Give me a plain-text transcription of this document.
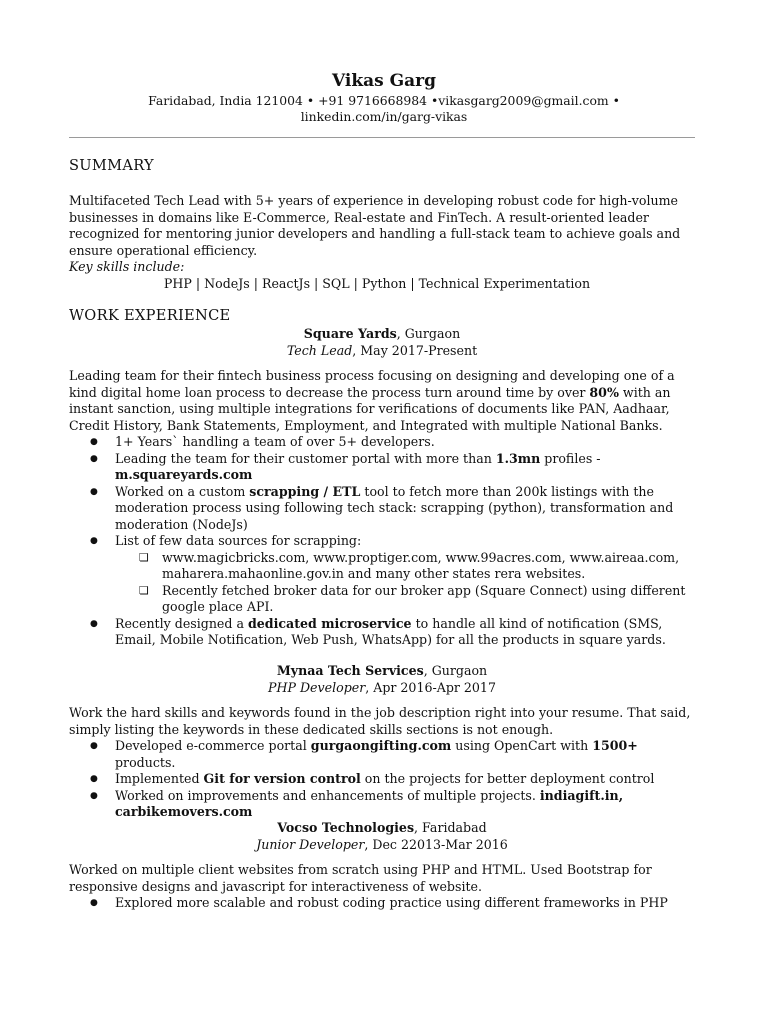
Vikas Garg
Faridabad, India 121004 • +91 9716668984 •vikasgarg2009@gmail.com •
linkedin.com/in/garg-vikas
SUMMARY

Multifaceted Tech Lead with 5+ years of experience in developing robust code for high-volume businesses in domains like E-Commerce, Real-estate and FinTech. A result-oriented leader recognized for mentoring junior developers and handling a full-stack team to achieve goals and ensure operational efficiency.

Key skills include:

PHP | NodeJs | ReactJs | SQL | Python | Technical Experimentation

WORK EXPERIENCE

Square Yards, Gurgaon

Tech Lead, May 2017-Present

Leading team for their fintech business process focusing on designing and developing one of a kind digital home loan process to decrease the process turn around time by over 80% with an instant sanction, using multiple integrations for verifications of documents like PAN, Aadhaar, Credit History, Bank Statements, Employment, and Integrated with multiple National Banks.

● 1+ Years` handling a team of over 5+ developers.
● Leading the team for their customer portal with more than 1.3mn profiles - m.squareyards.com
● Worked on a custom scrapping / ETL tool to fetch more than 200k listings with the moderation process using following tech stack: scrapping (python), transformation and moderation (NodeJs)
● List of few data sources for scrapping:
❏ www.magicbricks.com, www.proptiger.com, www.99acres.com, www.aireaa.com, maharera.mahaonline.gov.in and many other states rera websites.
❏ Recently fetched broker data for our broker app (Square Connect) using different google place API.
● Recently designed a dedicated microservice to handle all kind of notification (SMS, Email, Mobile Notification, Web Push, WhatsApp) for all the products in square yards.

Mynaa Tech Services, Gurgaon

PHP Developer, Apr 2016-Apr 2017

Work the hard skills and keywords found in the job description right into your resume. That said, simply listing the keywords in these dedicated skills sections is not enough.

● Developed e-commerce portal gurgaongifting.com using OpenCart with 1500+ products.
● Implemented Git for version control on the projects for better deployment control
● Worked on improvements and enhancements of multiple projects. indiagift.in, carbikemovers.com

Vocso Technologies, Faridabad

Junior Developer, Dec 22013-Mar 2016

Worked on multiple client websites from scratch using PHP and HTML. Used Bootstrap for responsive designs and javascript for interactiveness of website.

● Explored more scalable and robust coding practice using different frameworks in PHP
